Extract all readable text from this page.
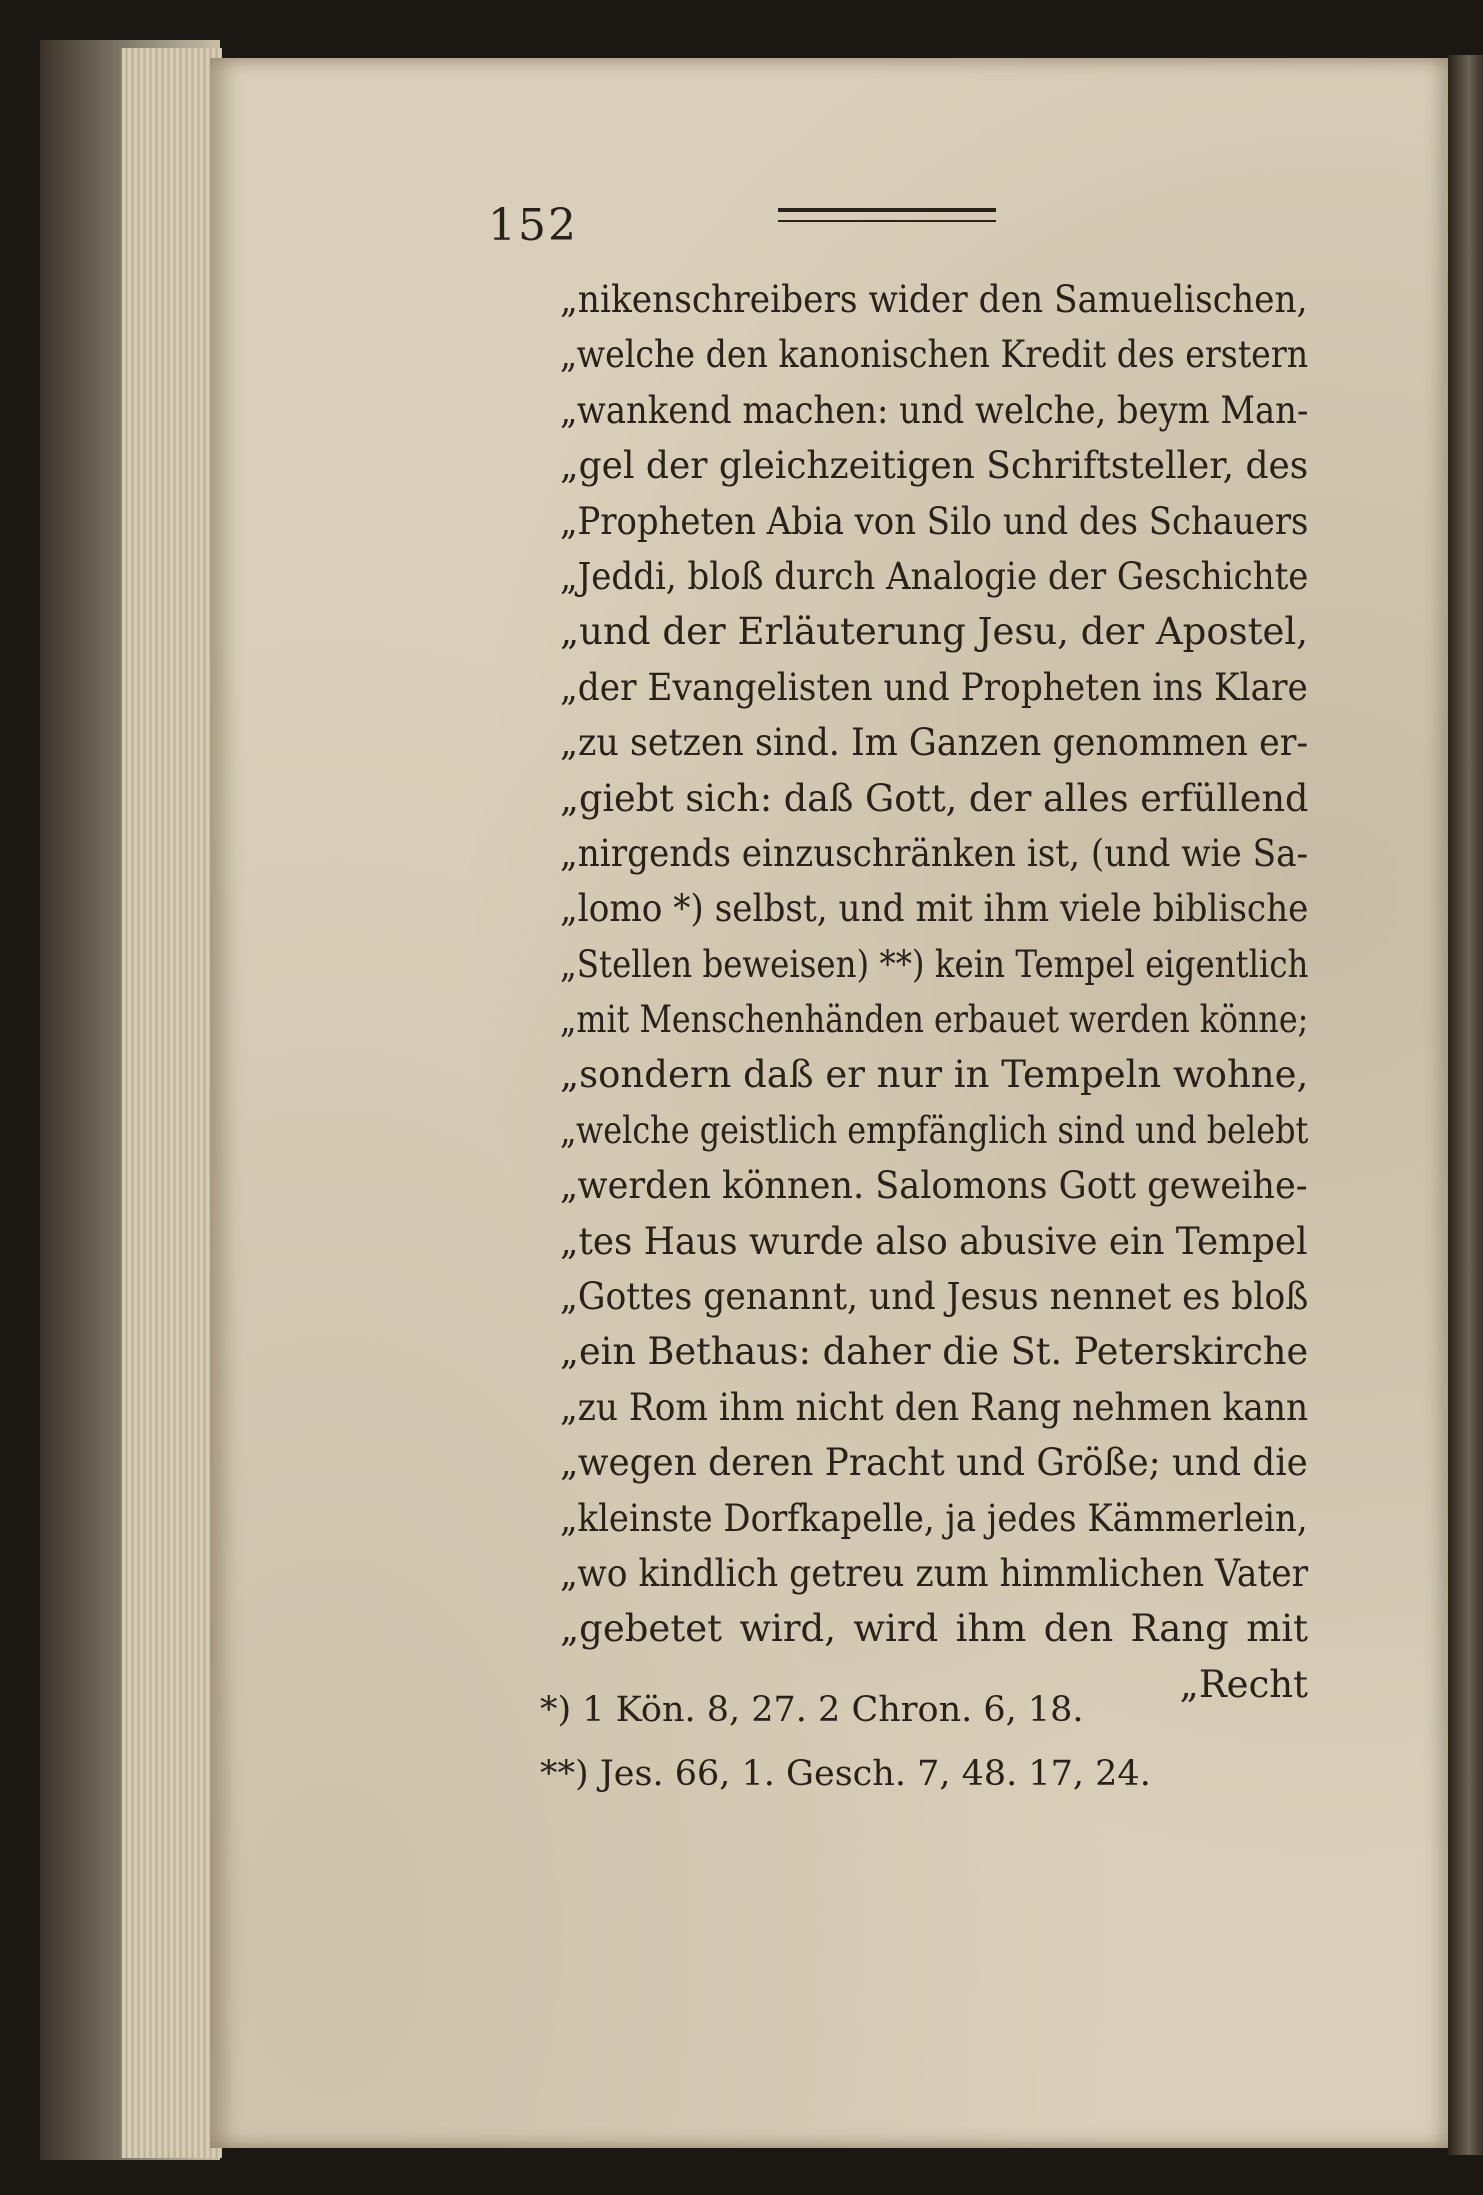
152
„nikenschreibers wider den Samuelischen,
„welche den kanonischen Kredit des erstern
„wankend machen: und welche, beym Man-
„gel der gleichzeitigen Schriftsteller, des
„Propheten Abia von Silo und des Schauers
„Jeddi, bloß durch Analogie der Geschichte
„und der Erläuterung Jesu, der Apostel,
„der Evangelisten und Propheten ins Klare
„zu setzen sind. Im Ganzen genommen er-
„giebt sich: daß Gott, der alles erfüllend
„nirgends einzuschränken ist, (und wie Sa-
„lomo *) selbst, und mit ihm viele biblische
„Stellen beweisen) **) kein Tempel eigentlich
„mit Menschenhänden erbauet werden könne;
„sondern daß er nur in Tempeln wohne,
„welche geistlich empfänglich sind und belebt
„werden können. Salomons Gott geweihe-
„tes Haus wurde also abusive ein Tempel
„Gottes genannt, und Jesus nennet es bloß
„ein Bethaus: daher die St. Peterskirche
„zu Rom ihm nicht den Rang nehmen kann
„wegen deren Pracht und Größe; und die
„kleinste Dorfkapelle, ja jedes Kämmerlein,
„wo kindlich getreu zum himmlichen Vater
„gebetet wird, wird ihm den Rang mit
„Recht
*) 1 Kön. 8, 27. 2 Chron. 6, 18.
**) Jes. 66, 1. Gesch. 7, 48. 17, 24.
